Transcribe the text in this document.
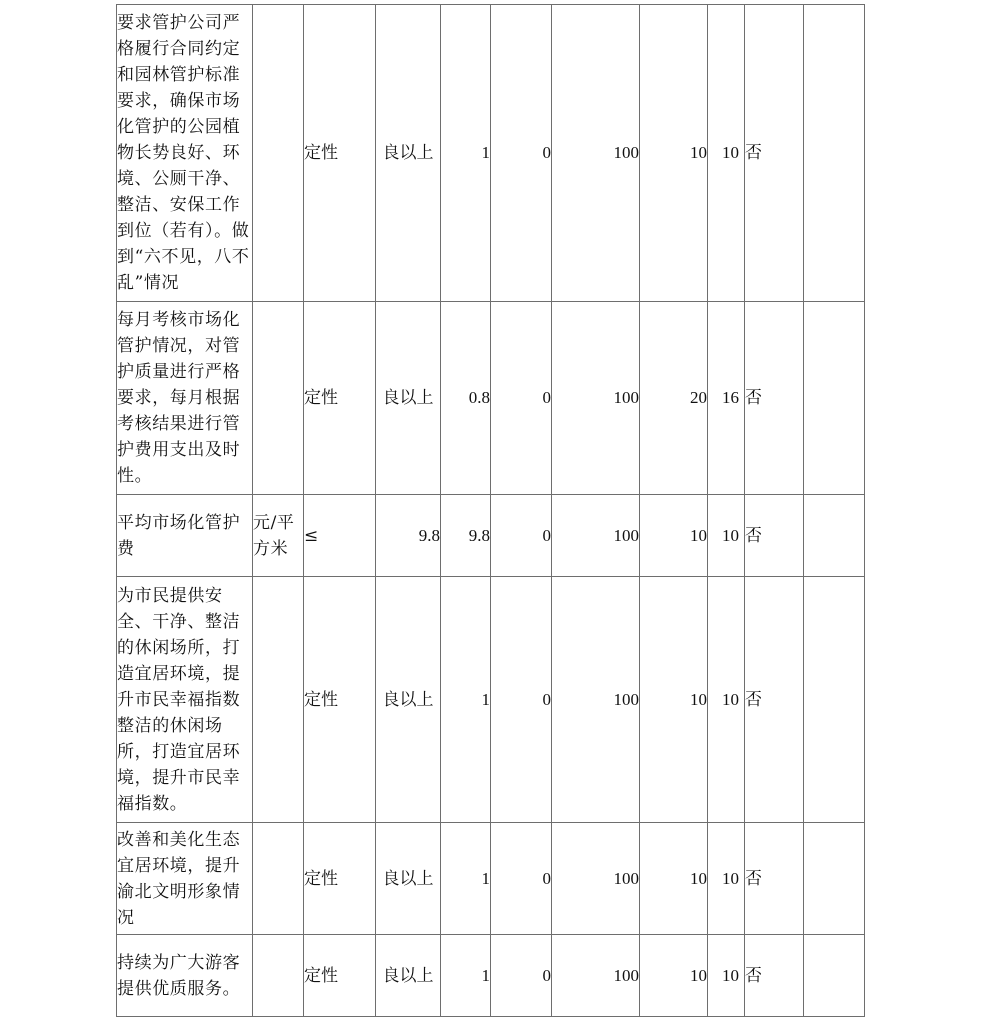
要求管护公司严格履行合同约定和园林管护标准要求，确保市场化管护的公园植物长势良好、环境、公厕干净、整洁、安保工作到位（若有）。做到“六不见，八不乱”情况		定性	良以上	1	0	100	10	10	否	
每月考核市场化管护情况，对管护质量进行严格要求，每月根据考核结果进行管护费用支出及时性。		定性	良以上	0.8	0	100	20	16	否	
平均市场化管护费	元/平方米	≤	9.8	9.8	0	100	10	10	否	
为市民提供安全、干净、整洁的休闲场所，打造宜居环境，提升市民幸福指数整洁的休闲场所，打造宜居环境，提升市民幸福指数。		定性	良以上	1	0	100	10	10	否	
改善和美化生态宜居环境，提升渝北文明形象情况		定性	良以上	1	0	100	10	10	否	
持续为广大游客提供优质服务。		定性	良以上	1	0	100	10	10	否	
